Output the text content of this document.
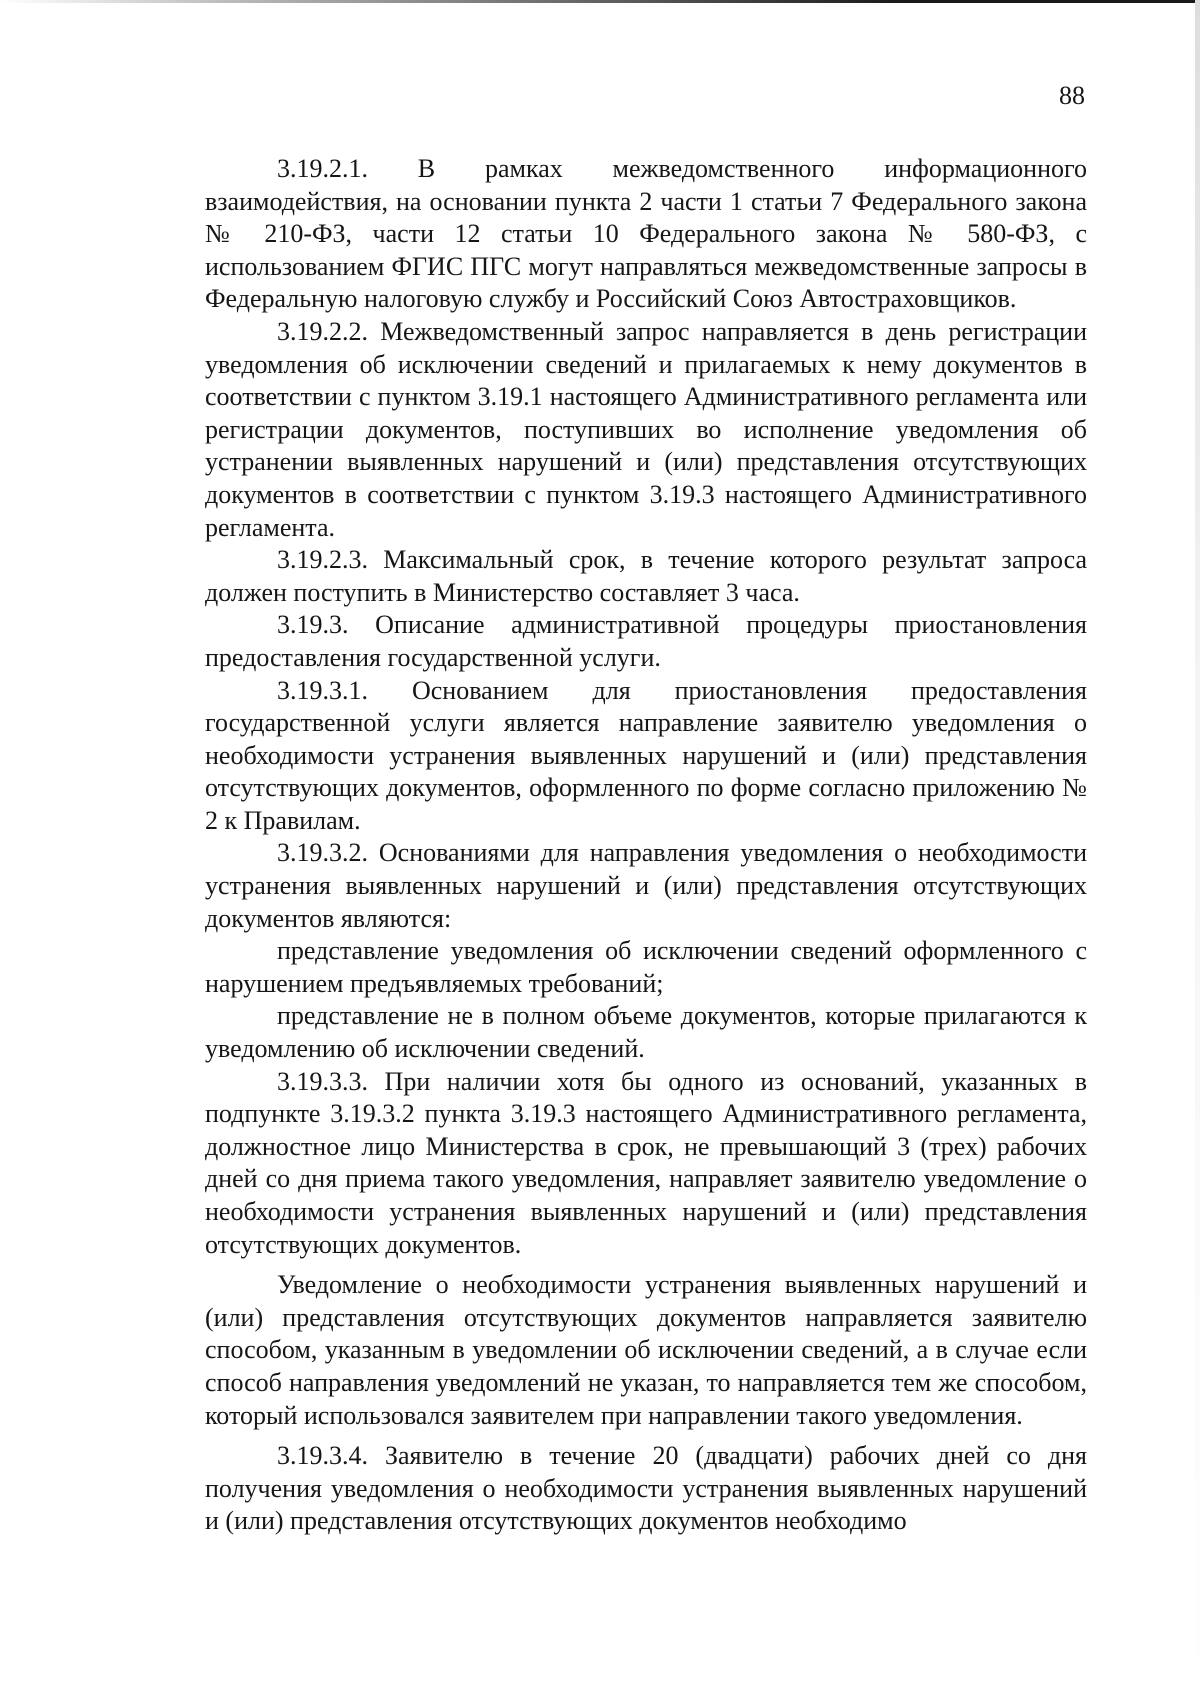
88

3.19.2.1. В рамках межведомственного информационного взаимодействия, на основании пункта 2 части 1 статьи 7 Федерального закона № 210-ФЗ, части 12 статьи 10 Федерального закона № 580-ФЗ, с использованием ФГИС ПГС могут направляться межведомственные запросы в Федеральную налоговую службу и Российский Союз Автостраховщиков.

3.19.2.2. Межведомственный запрос направляется в день регистрации уведомления об исключении сведений и прилагаемых к нему документов в соответствии с пунктом 3.19.1 настоящего Административного регламента или регистрации документов, поступивших во исполнение уведомления об устранении выявленных нарушений и (или) представления отсутствующих документов в соответствии с пунктом 3.19.3 настоящего Административного регламента.

3.19.2.3. Максимальный срок, в течение которого результат запроса должен поступить в Министерство составляет 3 часа.

3.19.3. Описание административной процедуры приостановления предоставления государственной услуги.

3.19.3.1. Основанием для приостановления предоставления государственной услуги является направление заявителю уведомления о необходимости устранения выявленных нарушений и (или) представления отсутствующих документов, оформленного по форме согласно приложению № 2 к Правилам.

3.19.3.2. Основаниями для направления уведомления о необходимости устранения выявленных нарушений и (или) представления отсутствующих документов являются:

представление уведомления об исключении сведений оформленного с нарушением предъявляемых требований;

представление не в полном объеме документов, которые прилагаются к уведомлению об исключении сведений.

3.19.3.3. При наличии хотя бы одного из оснований, указанных в подпункте 3.19.3.2 пункта 3.19.3 настоящего Административного регламента, должностное лицо Министерства в срок, не превышающий 3 (трех) рабочих дней со дня приема такого уведомления, направляет заявителю уведомление о необходимости устранения выявленных нарушений и (или) представления отсутствующих документов.

Уведомление о необходимости устранения выявленных нарушений и (или) представления отсутствующих документов направляется заявителю способом, указанным в уведомлении об исключении сведений, а в случае если способ направления уведомлений не указан, то направляется тем же способом, который использовался заявителем при направлении такого уведомления.

3.19.3.4. Заявителю в течение 20 (двадцати) рабочих дней со дня получения уведомления о необходимости устранения выявленных нарушений и (или) представления отсутствующих документов необходимо
